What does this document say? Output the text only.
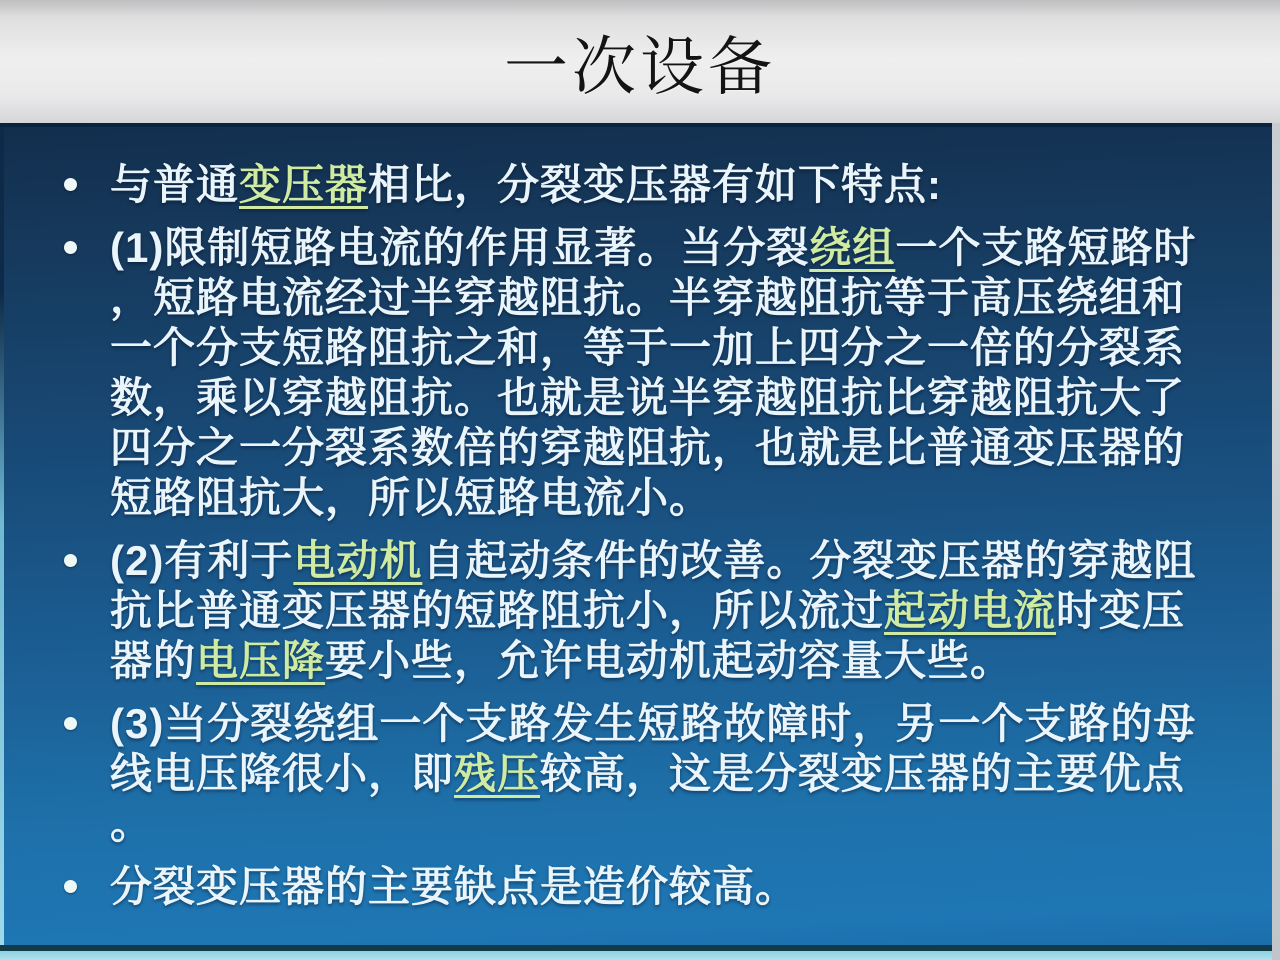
一次设备
与普通变压器相比，分裂变压器有如下特点:
(1)限制短路电流的作用显著。当分裂绕组一个支路短路时
，短路电流经过半穿越阻抗。半穿越阻抗等于高压绕组和
一个分支短路阻抗之和，等于一加上四分之一倍的分裂系
数，乘以穿越阻抗。也就是说半穿越阻抗比穿越阻抗大了
四分之一分裂系数倍的穿越阻抗，也就是比普通变压器的
短路阻抗大，所以短路电流小。
(2)有利于电动机自起动条件的改善。分裂变压器的穿越阻
抗比普通变压器的短路阻抗小，所以流过起动电流时变压
器的电压降要小些，允许电动机起动容量大些。
(3)当分裂绕组一个支路发生短路故障时，另一个支路的母
线电压降很小，即残压较高，这是分裂变压器的主要优点
。
分裂变压器的主要缺点是造价较高。
